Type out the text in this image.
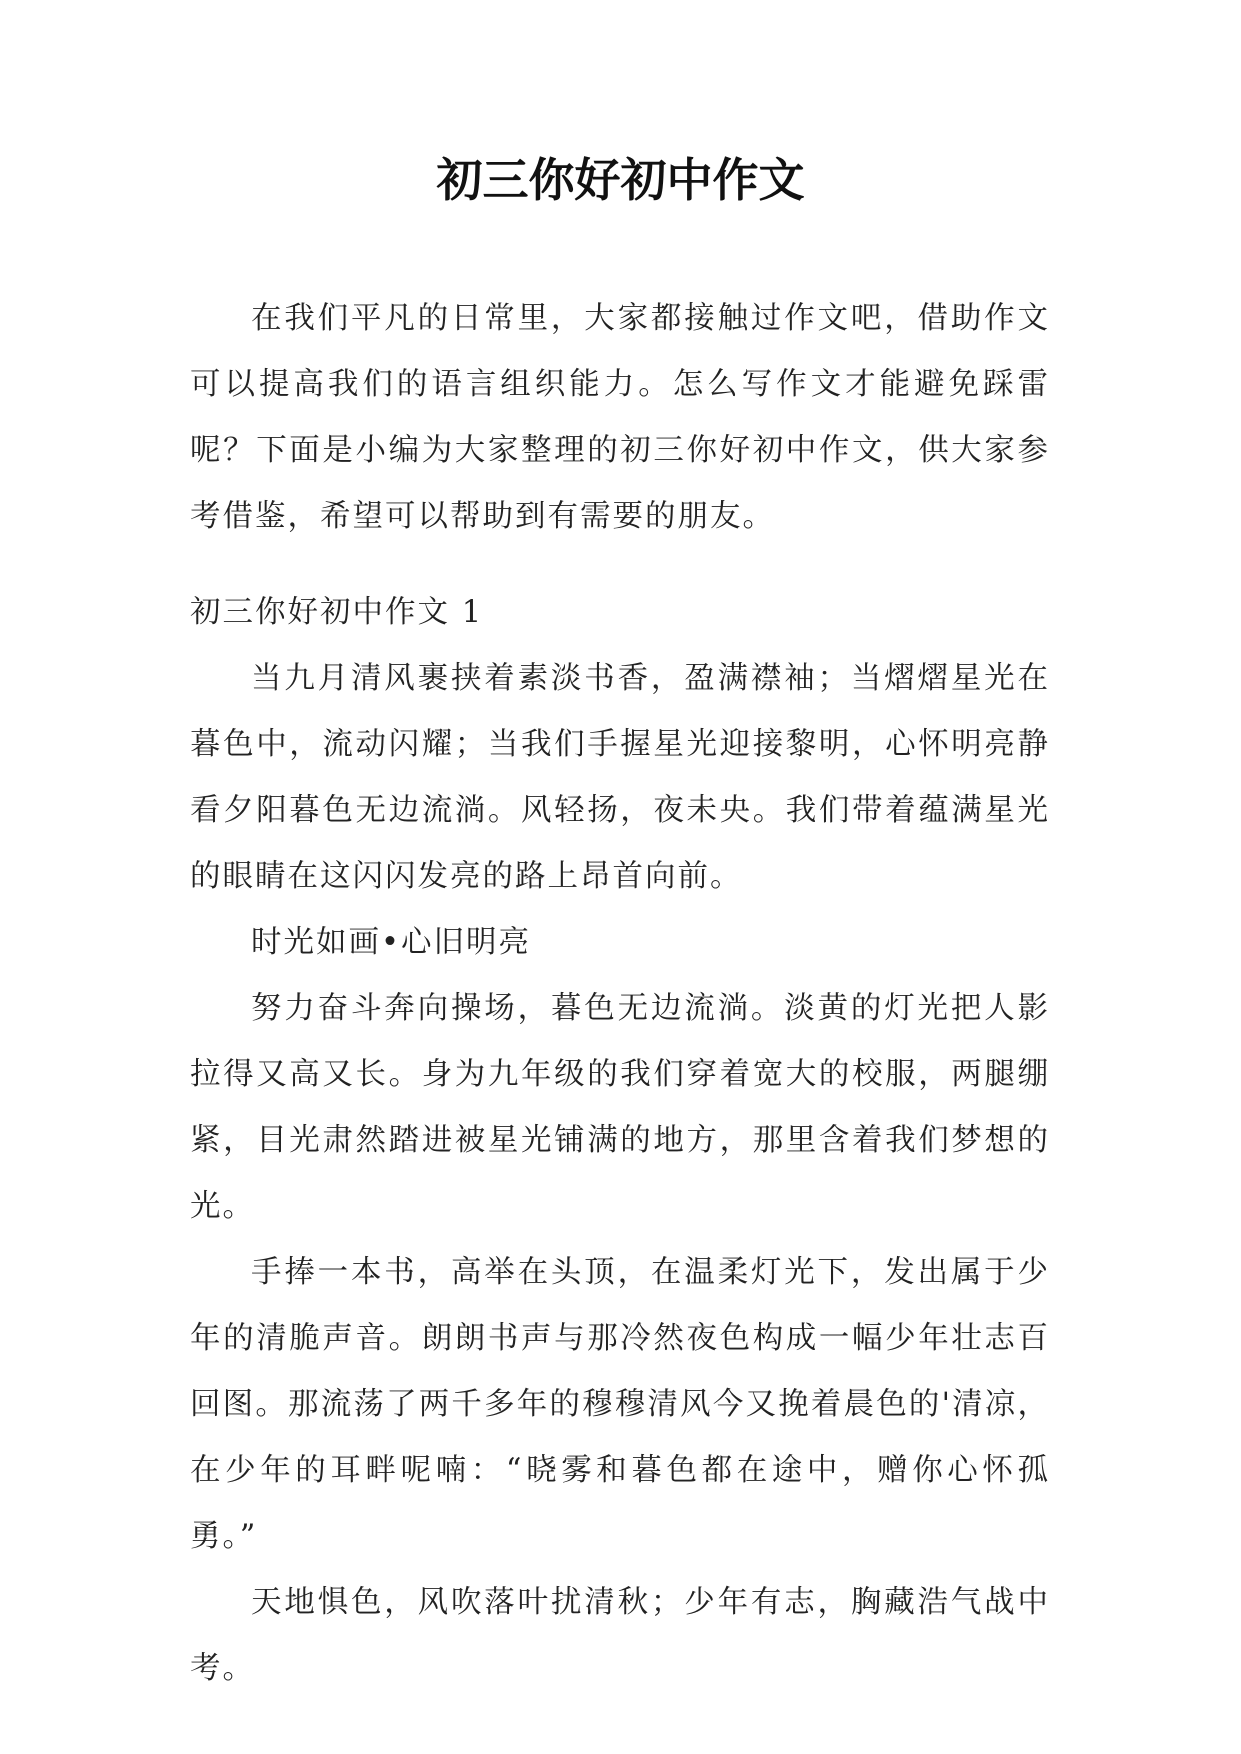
初三你好初中作文

在我们平凡的日常里，大家都接触过作文吧，借助作文可以提高我们的语言组织能力。怎么写作文才能避免踩雷呢？下面是小编为大家整理的初三你好初中作文，供大家参考借鉴，希望可以帮助到有需要的朋友。

初三你好初中作文 1

当九月清风裹挟着素淡书香，盈满襟袖；当熠熠星光在暮色中，流动闪耀；当我们手握星光迎接黎明，心怀明亮静看夕阳暮色无边流淌。风轻扬，夜未央。我们带着蕴满星光的眼睛在这闪闪发亮的路上昂首向前。

时光如画•心旧明亮

努力奋斗奔向操场，暮色无边流淌。淡黄的灯光把人影拉得又高又长。身为九年级的我们穿着宽大的校服，两腿绷紧，目光肃然踏进被星光铺满的地方，那里含着我们梦想的光。

手捧一本书，高举在头顶，在温柔灯光下，发出属于少年的清脆声音。朗朗书声与那冷然夜色构成一幅少年壮志百回图。那流荡了两千多年的穆穆清风今又挽着晨色的'清凉，在少年的耳畔呢喃：“晓雾和暮色都在途中，赠你心怀孤勇。”

天地惧色，风吹落叶扰清秋；少年有志，胸藏浩气战中考。
